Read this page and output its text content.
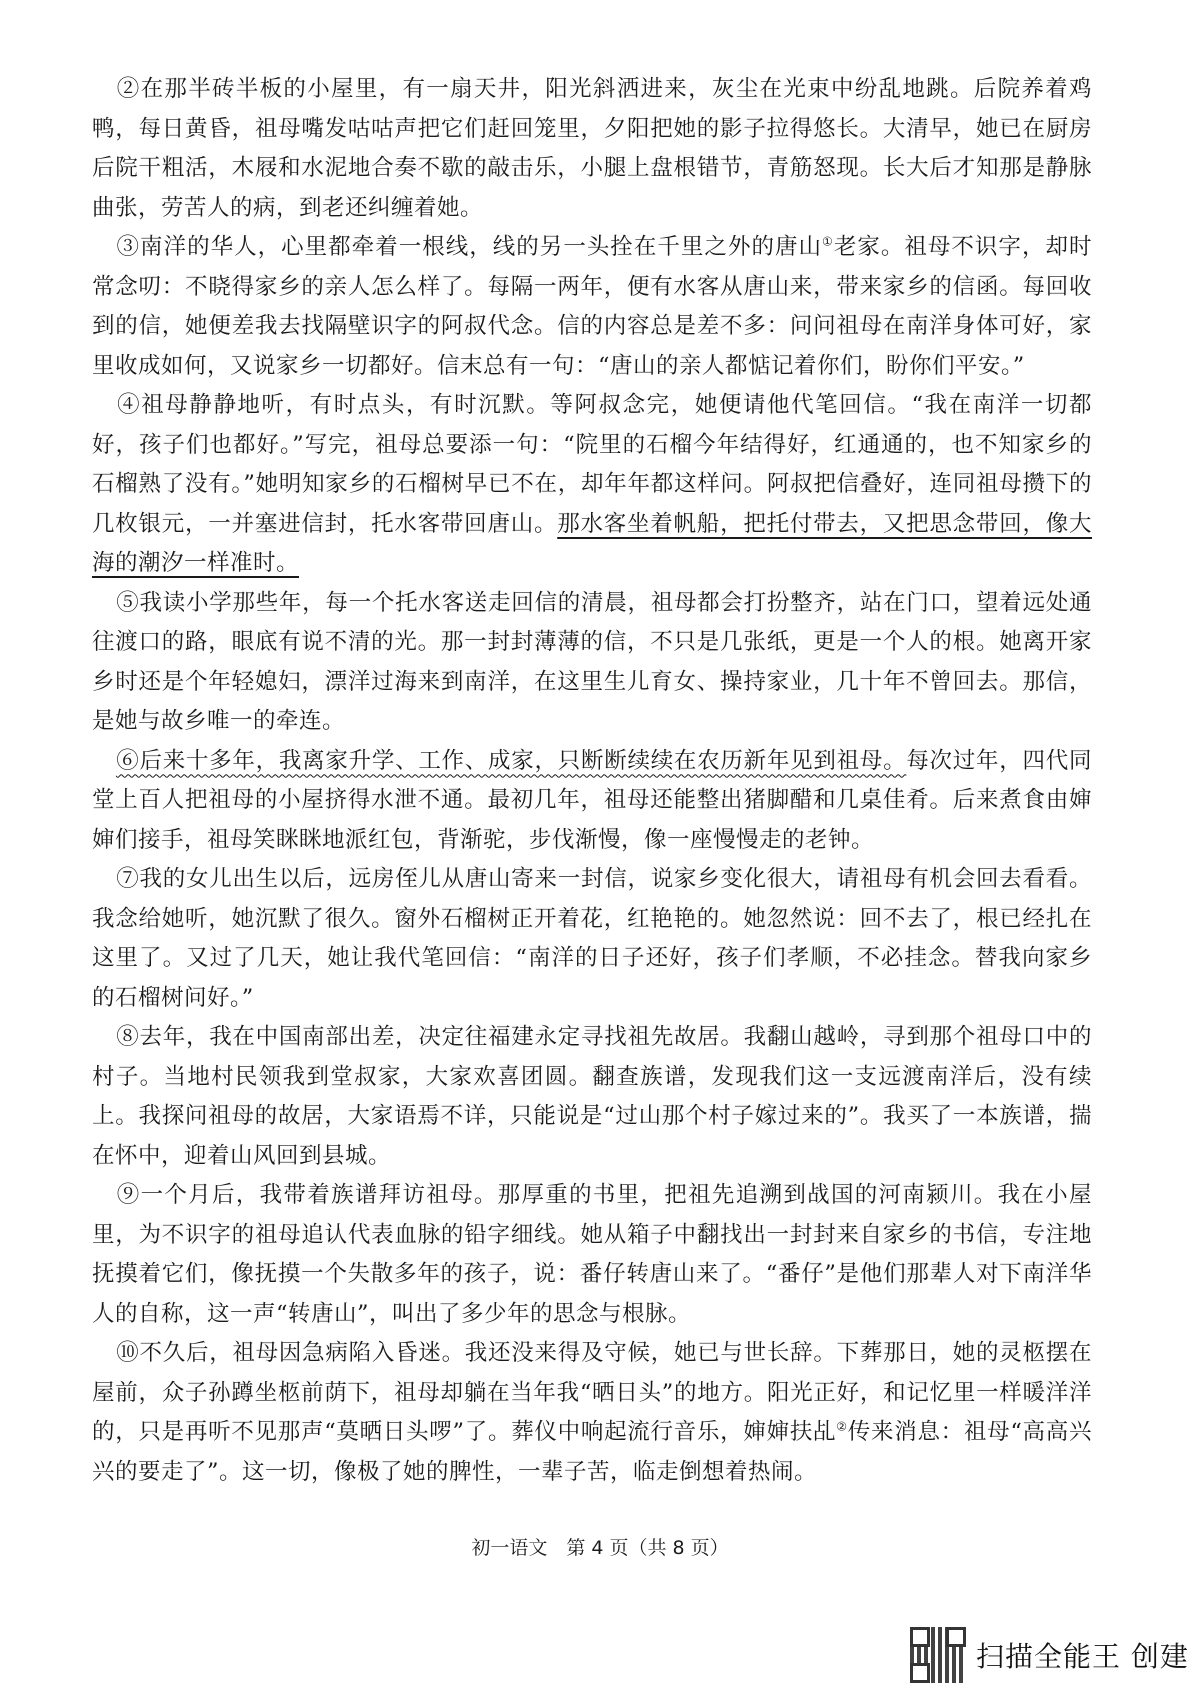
②在那半砖半板的小屋里，有一扇天井，阳光斜洒进来，灰尘在光束中纷乱地跳。后院养着鸡鸭，每日黄昏，祖母嘴发咕咕声把它们赶回笼里，夕阳把她的影子拉得悠长。大清早，她已在厨房后院干粗活，木屐和水泥地合奏不歇的敲击乐，小腿上盘根错节，青筋怒现。长大后才知那是静脉曲张，劳苦人的病，到老还纠缠着她。

③南洋的华人，心里都牵着一根线，线的另一头拴在千里之外的唐山①老家。祖母不识字，却时常念叨：不晓得家乡的亲人怎么样了。每隔一两年，便有水客从唐山来，带来家乡的信函。每回收到的信，她便差我去找隔壁识字的阿叔代念。信的内容总是差不多：问问祖母在南洋身体可好，家里收成如何，又说家乡一切都好。信末总有一句：“唐山的亲人都惦记着你们，盼你们平安。”

④祖母静静地听，有时点头，有时沉默。等阿叔念完，她便请他代笔回信。“我在南洋一切都好，孩子们也都好。”写完，祖母总要添一句：“院里的石榴今年结得好，红通通的，也不知家乡的石榴熟了没有。”她明知家乡的石榴树早已不在，却年年都这样问。阿叔把信叠好，连同祖母攒下的几枚银元，一并塞进信封，托水客带回唐山。那水客坐着帆船，把托付带去，又把思念带回，像大海的潮汐一样准时。

⑤我读小学那些年，每一个托水客送走回信的清晨，祖母都会打扮整齐，站在门口，望着远处通往渡口的路，眼底有说不清的光。那一封封薄薄的信，不只是几张纸，更是一个人的根。她离开家乡时还是个年轻媳妇，漂洋过海来到南洋，在这里生儿育女、操持家业，几十年不曾回去。那信，是她与故乡唯一的牵连。

⑥后来十多年，我离家升学、工作、成家，只断断续续在农历新年见到祖母。每次过年，四代同堂上百人把祖母的小屋挤得水泄不通。最初几年，祖母还能整出猪脚醋和几桌佳肴。后来煮食由婶婶们接手，祖母笑眯眯地派红包，背渐驼，步伐渐慢，像一座慢慢走的老钟。

⑦我的女儿出生以后，远房侄儿从唐山寄来一封信，说家乡变化很大，请祖母有机会回去看看。我念给她听，她沉默了很久。窗外石榴树正开着花，红艳艳的。她忽然说：回不去了，根已经扎在这里了。又过了几天，她让我代笔回信：“南洋的日子还好，孩子们孝顺，不必挂念。替我向家乡的石榴树问好。”

⑧去年，我在中国南部出差，决定往福建永定寻找祖先故居。我翻山越岭，寻到那个祖母口中的村子。当地村民领我到堂叔家，大家欢喜团圆。翻查族谱，发现我们这一支远渡南洋后，没有续上。我探问祖母的故居，大家语焉不详，只能说是“过山那个村子嫁过来的”。我买了一本族谱，揣在怀中，迎着山风回到县城。

⑨一个月后，我带着族谱拜访祖母。那厚重的书里，把祖先追溯到战国的河南颍川。我在小屋里，为不识字的祖母追认代表血脉的铅字细线。她从箱子中翻找出一封封来自家乡的书信，专注地抚摸着它们，像抚摸一个失散多年的孩子，说：番仔转唐山来了。“番仔”是他们那辈人对下南洋华人的自称，这一声“转唐山”，叫出了多少年的思念与根脉。

⑩不久后，祖母因急病陷入昏迷。我还没来得及守候，她已与世长辞。下葬那日，她的灵柩摆在屋前，众子孙蹲坐柩前荫下，祖母却躺在当年我“晒日头”的地方。阳光正好，和记忆里一样暖洋洋的，只是再听不见那声“莫晒日头啰”了。葬仪中响起流行音乐，婶婶扶乩②传来消息：祖母“高高兴兴的要走了”。这一切，像极了她的脾性，一辈子苦，临走倒想着热闹。

初一语文　第 4 页（共 8 页）
扫描全能王 创建
